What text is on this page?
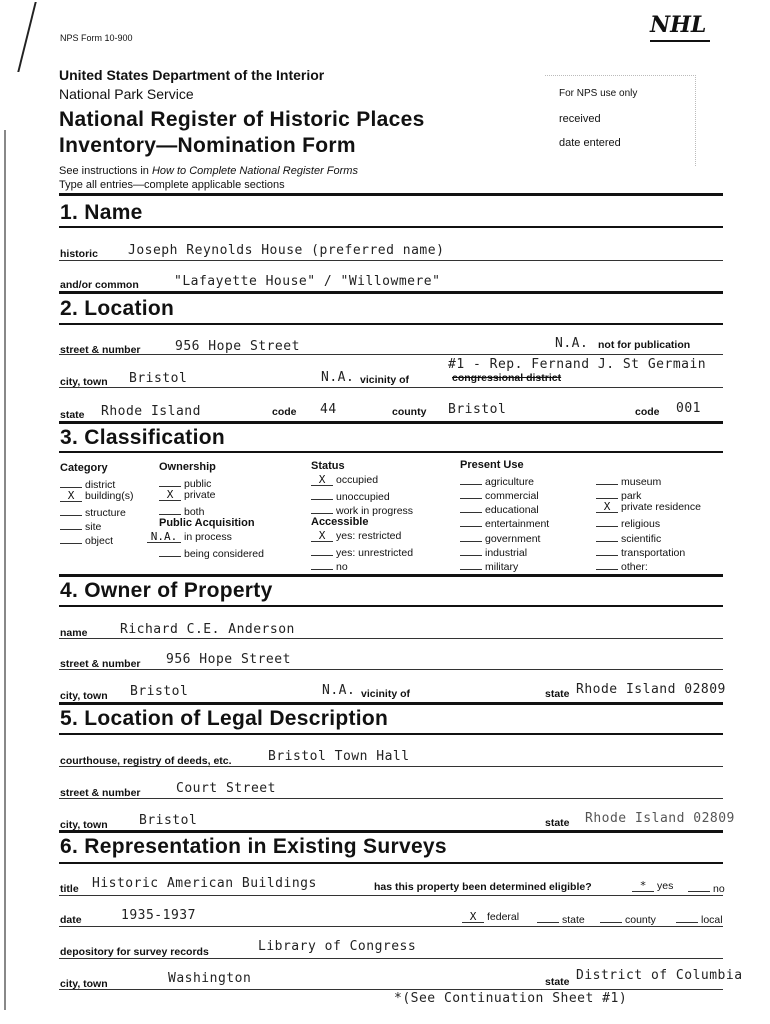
NPS Form 10-900	NHL
United States Department of the Interior
National Park Service
National Register of Historic Places
Inventory—Nomination Form
See instructions in How to Complete National Register Forms
Type all entries—complete applicable sections
For NPS use only
received
date entered
1. Name
historic Joseph Reynolds House (preferred name)
and/or common	"Lafayette House" / "Willowmere"
2. Location
street & number	956 Hope Street	N.A. not for publication
city, town Bristol	N.A. vicinity of
#1 - Rep. Fernand J. St Germain
congressional district
state Rhode Island	code 44	county Bristol	code 001
3. Classification
Category
district
X building(s)
structure
site
object
Ownership
public
X private
both
Public Acquisition
N.A. in process
being considered
Status
X occupied
unoccupied
work in progress
Accessible
X yes: restricted
yes: unrestricted
no
Present Use
agriculture
commercial
educational
entertainment
government
industrial
military
museum
park
X private residence
religious
scientific
transportation
other:
4. Owner of Property
name	Richard C.E. Anderson
street & number 956 Hope Street
city, town Bristol	N.A. vicinity of	state Rhode Island 02809
5. Location of Legal Description
courthouse, registry of deeds, etc.	Bristol Town Hall
street & number	Court Street
city, town Bristol	state Rhode Island 02809
6. Representation in Existing Surveys
title Historic American Buildings	has this property been determined eligible?	* yes	no
date	1935-1937	X federal	state	county	local
depository for survey records	Library of Congress
city, town	Washington	state District of Columbia
*(See Continuation Sheet #1)
